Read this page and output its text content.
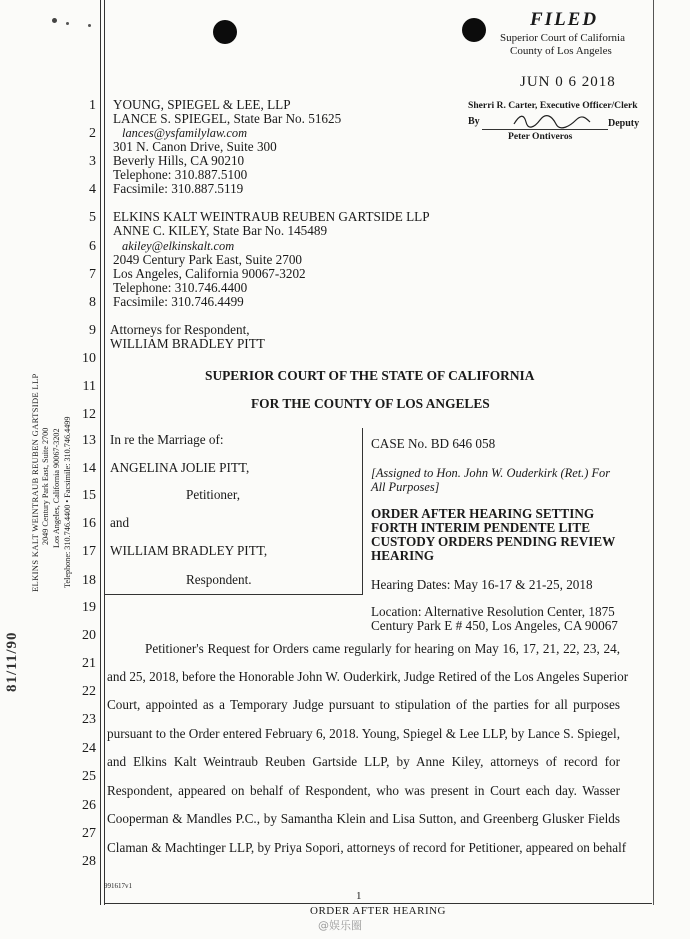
ELKINS KALT WEINTRAUB REUBEN GARTSIDE LLP 2049 Century Park East, Suite 2700 Los Angeles, California 90067-3202 Telephone: 310.746.4400 • Facsimile: 310.746.4499
81/11/90
FILED
Superior Court of California
County of Los Angeles
JUN 0 6 2018
Sherri R. Carter, Executive Officer/Clerk
By	Deputy
Peter Ontiveros
1
2
3
4
5
6
7
8
9
10
11
12
13
14
15
16
17
18
19
20
21
22
23
24
25
26
27
28
YOUNG, SPIEGEL & LEE, LLP
LANCE S. SPIEGEL, State Bar No. 51625
lances@ysfamilylaw.com
301 N. Canon Drive, Suite 300
Beverly Hills, CA 90210
Telephone: 310.887.5100
Facsimile: 310.887.5119
ELKINS KALT WEINTRAUB REUBEN GARTSIDE LLP
ANNE C. KILEY, State Bar No. 145489
akiley@elkinskalt.com
2049 Century Park East, Suite 2700
Los Angeles, California 90067-3202
Telephone: 310.746.4400
Facsimile: 310.746.4499
Attorneys for Respondent,
WILLIAM BRADLEY PITT
SUPERIOR COURT OF THE STATE OF CALIFORNIA
FOR THE COUNTY OF LOS ANGELES
In re the Marriage of:
ANGELINA JOLIE PITT,
Petitioner,
and
WILLIAM BRADLEY PITT,
Respondent.
CASE No. BD 646 058
[Assigned to Hon. John W. Ouderkirk (Ret.) For
All Purposes]
ORDER AFTER HEARING SETTING
FORTH INTERIM PENDENTE LITE
CUSTODY ORDERS PENDING REVIEW
HEARING
Hearing Dates: May 16-17 & 21-25, 2018
Location: Alternative Resolution Center, 1875
Century Park E # 450, Los Angeles, CA 90067
Petitioner's Request for Orders came regularly for hearing on May 16, 17, 21, 22, 23, 24,
and 25, 2018, before the Honorable John W. Ouderkirk, Judge Retired of the Los Angeles Superior
Court, appointed as a Temporary Judge pursuant to stipulation of the parties for all purposes
pursuant to the Order entered February 6, 2018. Young, Spiegel & Lee LLP, by Lance S. Spiegel,
and Elkins Kalt Weintraub Reuben Gartside LLP, by Anne Kiley, attorneys of record for
Respondent, appeared on behalf of Respondent, who was present in Court each day. Wasser
Cooperman & Mandles P.C., by Samantha Klein and Lisa Sutton, and Greenberg Glusker Fields
Claman & Machtinger LLP, by Priya Sopori, attorneys of record for Petitioner, appeared on behalf
991617v1
1
ORDER AFTER HEARING
@娱乐圈
